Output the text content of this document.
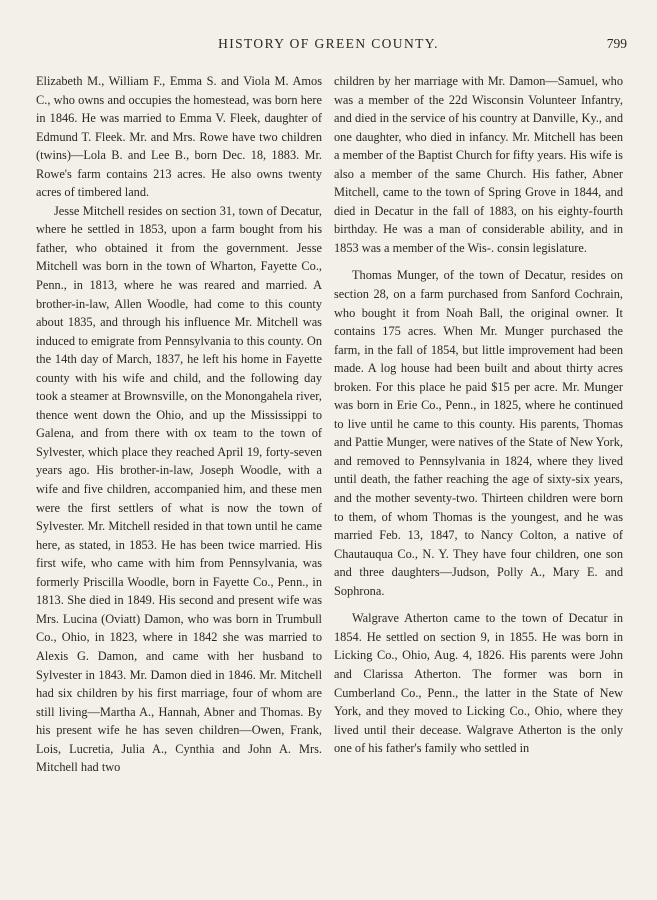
HISTORY OF GREEN COUNTY.	799

Elizabeth M., William F., Emma S. and Viola M. Amos C., who owns and occupies the homestead, was born here in 1846. He was married to Emma V. Fleek, daughter of Edmund T. Fleek. Mr. and Mrs. Rowe have two children (twins)—Lola B. and Lee B., born Dec. 18, 1883. Mr. Rowe's farm contains 213 acres. He also owns twenty acres of timbered land.

Jesse Mitchell resides on section 31, town of Decatur, where he settled in 1853, upon a farm bought from his father, who obtained it from the government. Jesse Mitchell was born in the town of Wharton, Fayette Co., Penn., in 1813, where he was reared and married. A brother-in-law, Allen Woodle, had come to this county about 1835, and through his influence Mr. Mitchell was induced to emigrate from Pennsylvania to this county. On the 14th day of March, 1837, he left his home in Fayette county with his wife and child, and the following day took a steamer at Brownsville, on the Monongahela river, thence went down the Ohio, and up the Mississippi to Galena, and from there with ox team to the town of Sylvester, which place they reached April 19, forty-seven years ago. His brother-in-law, Joseph Woodle, with a wife and five children, accompanied him, and these men were the first settlers of what is now the town of Sylvester. Mr. Mitchell resided in that town until he came here, as stated, in 1853. He has been twice married. His first wife, who came with him from Pennsylvania, was formerly Priscilla Woodle, born in Fayette Co., Penn., in 1813. She died in 1849. His second and present wife was Mrs. Lucina (Oviatt) Damon, who was born in Trumbull Co., Ohio, in 1823, where in 1842 she was married to Alexis G. Damon, and came with her husband to Sylvester in 1843. Mr. Damon died in 1846. Mr. Mitchell had six children by his first marriage, four of whom are still living—Martha A., Hannah, Abner and Thomas. By his present wife he has seven children—Owen, Frank, Lois, Lucretia, Julia A., Cynthia and John A. Mrs. Mitchell had two

children by her marriage with Mr. Damon—Samuel, who was a member of the 22d Wisconsin Volunteer Infantry, and died in the service of his country at Danville, Ky., and one daughter, who died in infancy. Mr. Mitchell has been a member of the Baptist Church for fifty years. His wife is also a member of the same Church. His father, Abner Mitchell, came to the town of Spring Grove in 1844, and died in Decatur in the fall of 1883, on his eighty-fourth birthday. He was a man of considerable ability, and in 1853 was a member of the Wis-. consin legislature.

Thomas Munger, of the town of Decatur, resides on section 28, on a farm purchased from Sanford Cochrain, who bought it from Noah Ball, the original owner. It contains 175 acres. When Mr. Munger purchased the farm, in the fall of 1854, but little improvement had been made. A log house had been built and about thirty acres broken. For this place he paid $15 per acre. Mr. Munger was born in Erie Co., Penn., in 1825, where he continued to live until he came to this county. His parents, Thomas and Pattie Munger, were natives of the State of New York, and removed to Pennsylvania in 1824, where they lived until death, the father reaching the age of sixty-six years, and the mother seventy-two. Thirteen children were born to them, of whom Thomas is the youngest, and he was married Feb. 13, 1847, to Nancy Colton, a native of Chautauqua Co., N. Y. They have four children, one son and three daughters—Judson, Polly A., Mary E. and Sophrona.

Walgrave Atherton came to the town of Decatur in 1854. He settled on section 9, in 1855. He was born in Licking Co., Ohio, Aug. 4, 1826. His parents were John and Clarissa Atherton. The former was born in Cumberland Co., Penn., the latter in the State of New York, and they moved to Licking Co., Ohio, where they lived until their decease. Walgrave Atherton is the only one of his father's family who settled in
